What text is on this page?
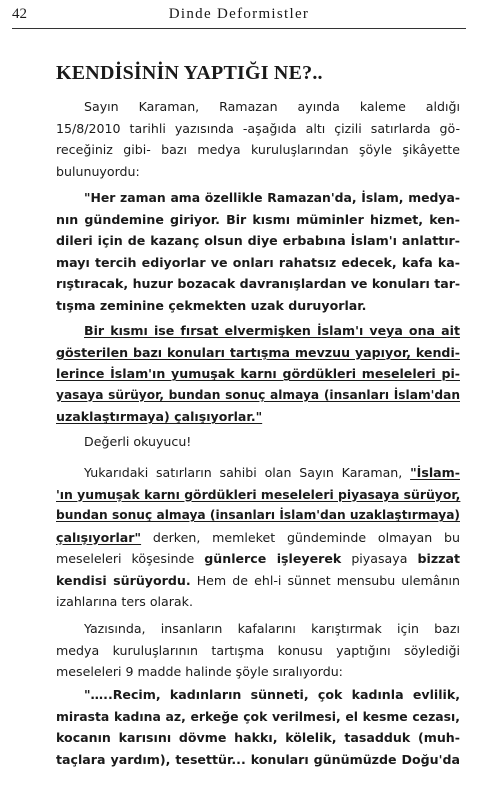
42	Dinde Deformistler
KENDİSİNİN YAPTIĞI NE?..
Sayın Karaman, Ramazan ayında kaleme aldığı
15/8/2010 tarihli yazısında -aşağıda altı çizili satırlarda gö-
receğiniz gibi- bazı medya kuruluşlarından şöyle şikâyette
bulunuyordu:
"Her zaman ama özellikle Ramazan'da, İslam, medya-
nın gündemine giriyor. Bir kısmı müminler hizmet, ken-
dileri için de kazanç olsun diye erbabına İslam'ı anlattır-
mayı tercih ediyorlar ve onları rahatsız edecek, kafa ka-
rıştıracak, huzur bozacak davranışlardan ve konuları tar-
tışma zeminine çekmekten uzak duruyorlar.
Bir kısmı ise fırsat elvermişken İslam'ı veya ona ait
gösterilen bazı konuları tartışma mevzuu yapıyor, kendi-
lerince İslam'ın yumuşak karnı gördükleri meseleleri pi-
yasaya sürüyor, bundan sonuç almaya (insanları İslam'dan
uzaklaştırmaya) çalışıyorlar."
Değerli okuyucu!
Yukarıdaki satırların sahibi olan Sayın Karaman, "İslam-
'ın yumuşak karnı gördükleri meseleleri piyasaya sürüyor,
bundan sonuç almaya (insanları İslam'dan uzaklaştırmaya)
çalışıyorlar" derken, memleket gündeminde olmayan bu
meseleleri köşesinde günlerce işleyerek piyasaya bizzat
kendisi sürüyordu. Hem de ehl-i sünnet mensubu ulemânın
izahlarına ters olarak.
Yazısında, insanların kafalarını karıştırmak için bazı
medya kuruluşlarının tartışma konusu yaptığını söylediği
meseleleri 9 madde halinde şöyle sıralıyordu:
"…..Recim, kadınların sünneti, çok kadınla evlilik,
mirasta kadına az, erkeğe çok verilmesi, el kesme cezası,
kocanın karısını dövme hakkı, kölelik, tasadduk (muh-
taçlara yardım), tesettür... konuları günümüzde Doğu'da
